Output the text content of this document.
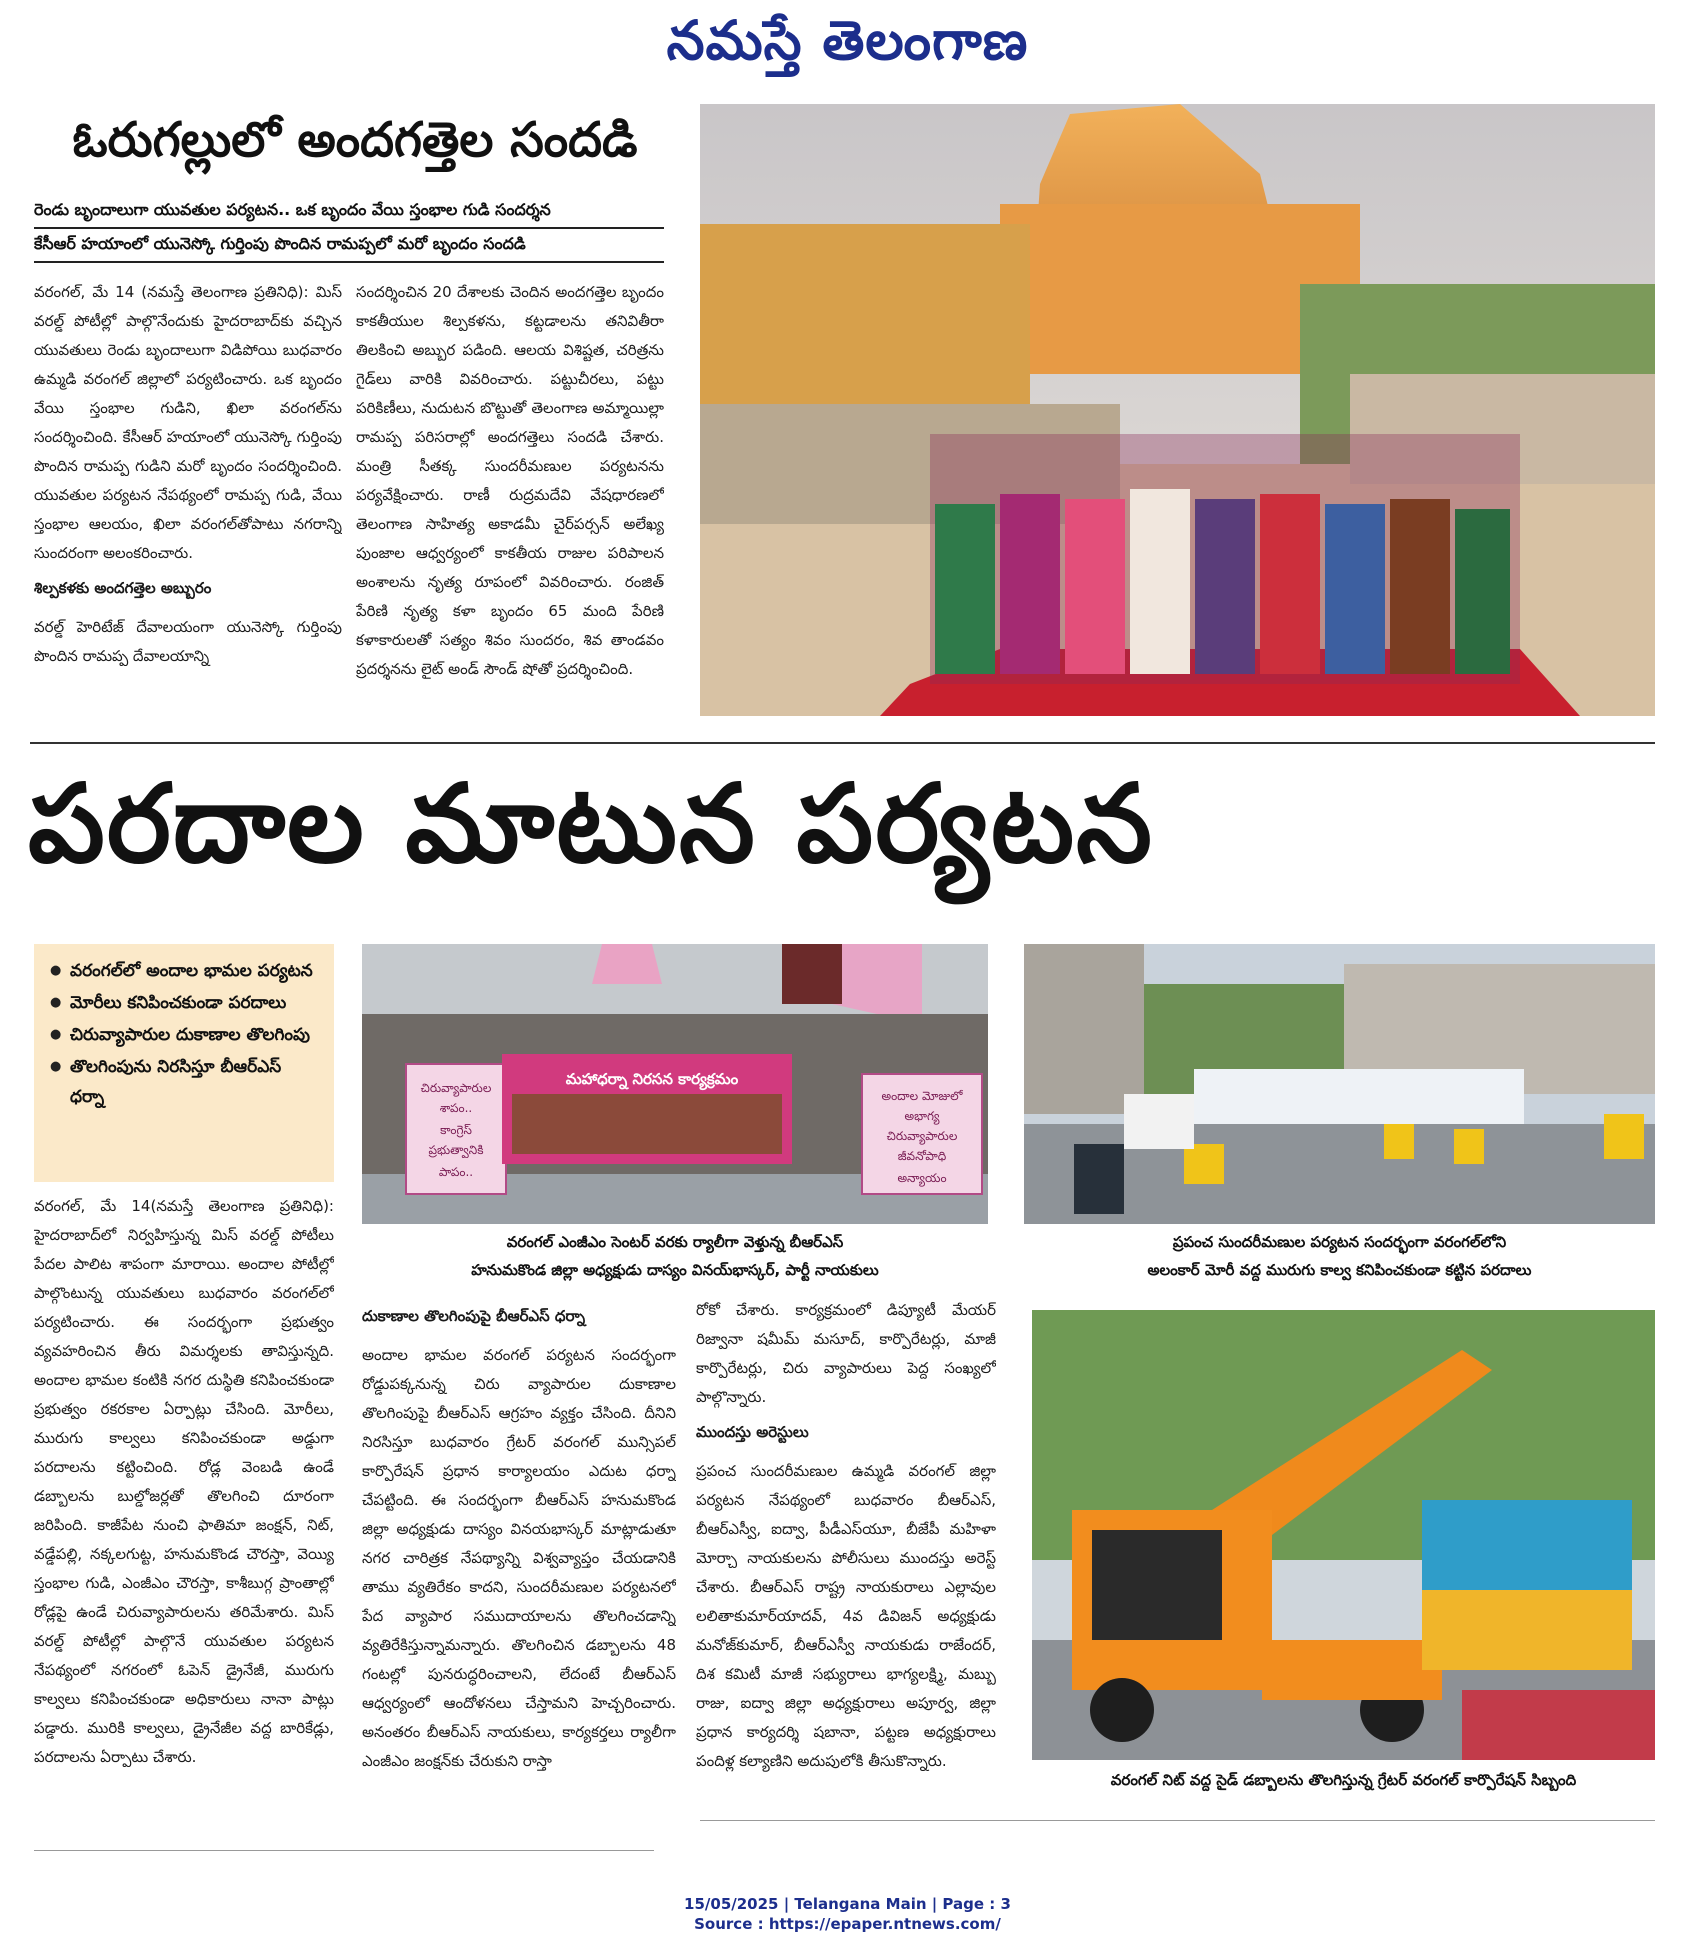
నమస్తే తెలంగాణ
ఓరుగల్లులో అందగత్తెల సందడి
రెండు బృందాలుగా యువతుల పర్యటన.. ఒక బృందం వేయి స్తంభాల గుడి సందర్శన
కేసీఆర్ హయాంలో యునెస్కో గుర్తింపు పొందిన రామప్పలో మరో బృందం సందడి

వరంగల్, మే 14 (నమస్తే తెలంగాణ ప్రతినిధి): మిస్ వరల్డ్ పోటీల్లో పాల్గొనేందుకు హైదరాబాద్‌కు వచ్చిన యువతులు రెండు బృందాలుగా విడిపోయి బుధవారం ఉమ్మడి వరంగల్ జిల్లాలో పర్యటించారు. ఒక బృందం వేయి స్తంభాల గుడిని, ఖిలా వరంగల్‌ను సందర్శించింది. కేసీఆర్ హయాంలో యునెస్కో గుర్తింపు పొందిన రామప్ప గుడిని మరో బృందం సందర్శించింది. యువతుల పర్యటన నేపథ్యంలో రామప్ప గుడి, వేయి స్తంభాల ఆలయం, ఖిలా వరంగల్‌తోపాటు నగరాన్ని సుందరంగా అలంకరించారు.

శిల్పకళకు అందగత్తెల అబ్బురం

వరల్డ్ హెరిటేజ్ దేవాలయంగా యునెస్కో గుర్తింపు పొందిన రామప్ప దేవాలయాన్ని

సందర్శించిన 20 దేశాలకు చెందిన అందగత్తెల బృందం కాకతీయుల శిల్పకళను, కట్టడాలను తనివితీరా తిలకించి అబ్బుర పడింది. ఆలయ విశిష్టత, చరిత్రను గైడ్‌లు వారికి వివరించారు. పట్టుచీరలు, పట్టు పరికిణీలు, నుదుటన బొట్టుతో తెలంగాణ అమ్మాయిల్లా రామప్ప పరిసరాల్లో అందగత్తెలు సందడి చేశారు. మంత్రి సీతక్క సుందరీమణుల పర్యటనను పర్యవేక్షించారు. రాణీ రుద్రమదేవి వేషధారణలో తెలంగాణ సాహిత్య అకాడమీ చైర్‌పర్సన్ అలేఖ్య పుంజాల ఆధ్వర్యంలో కాకతీయ రాజుల పరిపాలన అంశాలను నృత్య రూపంలో వివరించారు. రంజిత్ పేరిణి నృత్య కళా బృందం 65 మంది పేరిణి కళాకారులతో సత్యం శివం సుందరం, శివ తాండవం ప్రదర్శనను లైట్ అండ్ సౌండ్ షోతో ప్రదర్శించింది.

పరదాల మాటున పర్యటన
● వరంగల్‌లో అందాల భామల పర్యటన
● మోరీలు కనిపించకుండా పరదాలు
● చిరువ్యాపారుల దుకాణాల తొలగింపు
● తొలగింపును నిరసిస్తూ బీఆర్‌ఎస్ ధర్నా

వరంగల్, మే 14(నమస్తే తెలంగాణ ప్రతినిధి): హైదరాబాద్‌లో నిర్వహిస్తున్న మిస్ వరల్డ్ పోటీలు పేదల పాలిట శాపంగా మారాయి. అందాల పోటీల్లో పాల్గొంటున్న యువతులు బుధవారం వరంగల్‌లో పర్యటించారు. ఈ సందర్భంగా ప్రభుత్వం వ్యవహరించిన తీరు విమర్శలకు తావిస్తున్నది. అందాల భామల కంటికి నగర దుస్థితి కనిపించకుండా ప్రభుత్వం రకరకాల ఏర్పాట్లు చేసింది. మోరీలు, మురుగు కాల్వలు కనిపించకుండా అడ్డుగా పరదాలను కట్టించింది. రోడ్ల వెంబడి ఉండే డబ్బాలను బుల్డోజర్లతో తొలగించి దూరంగా జరిపింది. కాజీపేట నుంచి ఫాతిమా జంక్షన్, నిట్, వడ్డేపల్లి, నక్కలగుట్ట, హనుమకొండ చౌరస్తా, వెయ్యి స్తంభాల గుడి, ఎంజీఎం చౌరస్తా, కాశీబుగ్గ ప్రాంతాల్లో రోడ్లపై ఉండే చిరువ్యాపారులను తరిమేశారు. మిస్ వరల్డ్ పోటీల్లో పాల్గొనే యువతుల పర్యటన నేపథ్యంలో నగరంలో ఓపెన్ డ్రైనేజీ, మురుగు కాల్వలు కనిపించకుండా అధికారులు నానా పాట్లు పడ్డారు. మురికి కాల్వలు, డ్రైనేజీల వద్ద బారికేడ్లు, పరదాలను ఏర్పాటు చేశారు.

చిరువ్యాపారుల
శాపం..
కాంగ్రెస్
ప్రభుత్వానికి
పాపం..
మహాధర్నా నిరసన కార్యక్రమం
అందాల మోజులో
అభాగ్య
చిరువ్యాపారుల
జీవనోపాధి
అన్యాయం
వరంగల్ ఎంజీఎం సెంటర్ వరకు ర్యాలీగా వెళ్తున్న బీఆర్‌ఎస్
హనుమకొండ జిల్లా అధ్యక్షుడు దాస్యం వినయ్‌భాస్కర్, పార్టీ నాయకులు
ప్రపంచ సుందరీమణుల పర్యటన సందర్భంగా వరంగల్‌లోని
అలంకార్ మోరీ వద్ద మురుగు కాల్వ కనిపించకుండా కట్టిన పరదాలు
దుకాణాల తొలగింపుపై బీఆర్‌ఎస్ ధర్నా

అందాల భామల వరంగల్ పర్యటన సందర్భంగా రోడ్డుపక్కనున్న చిరు వ్యాపారుల దుకాణాల తొలగింపుపై బీఆర్‌ఎస్ ఆగ్రహం వ్యక్తం చేసింది. దీనిని నిరసిస్తూ బుధవారం గ్రేటర్ వరంగల్ మున్సిపల్ కార్పొరేషన్ ప్రధాన కార్యాలయం ఎదుట ధర్నా చేపట్టింది. ఈ సందర్భంగా బీఆర్‌ఎస్ హనుమకొండ జిల్లా అధ్యక్షుడు దాస్యం వినయభాస్కర్ మాట్లాడుతూ నగర చారిత్రక నేపథ్యాన్ని విశ్వవ్యాప్తం చేయడానికి తాము వ్యతిరేకం కాదని, సుందరీమణుల పర్యటనలో పేద వ్యాపార సముదాయాలను తొలగించడాన్ని వ్యతిరేకిస్తున్నామన్నారు. తొలగించిన డబ్బాలను 48 గంటల్లో పునరుద్ధరించాలని, లేదంటే బీఆర్‌ఎస్ ఆధ్వర్యంలో ఆందోళనలు చేస్తామని హెచ్చరించారు. అనంతరం బీఆర్‌ఎస్ నాయకులు, కార్యకర్తలు ర్యాలీగా ఎంజీఎం జంక్షన్‌కు చేరుకుని రాస్తా

రోకో చేశారు. కార్యక్రమంలో డిప్యూటీ మేయర్ రిజ్వానా షమీమ్ మసూద్, కార్పొరేటర్లు, మాజీ కార్పొరేటర్లు, చిరు వ్యాపారులు పెద్ద సంఖ్యలో పాల్గొన్నారు.

ముందస్తు అరెస్టులు

ప్రపంచ సుందరీమణుల ఉమ్మడి వరంగల్ జిల్లా పర్యటన నేపథ్యంలో బుధవారం బీఆర్‌ఎస్, బీఆర్‌ఎస్వీ, ఐద్వా, పీడీఎస్‌యూ, బీజేపీ మహిళా మోర్చా నాయకులను పోలీసులు ముందస్తు అరెస్ట్ చేశారు. బీఆర్‌ఎస్ రాష్ట్ర నాయకురాలు ఎల్లావుల లలితాకుమార్‌యాదవ్, 4వ డివిజన్ అధ్యక్షుడు మనోజ్‌కుమార్, బీఆర్‌ఎస్వీ నాయకుడు రాజేందర్, దిశ కమిటీ మాజీ సభ్యురాలు భాగ్యలక్ష్మి, మబ్బు రాజు, ఐద్వా జిల్లా అధ్యక్షురాలు అపూర్వ, జిల్లా ప్రధాన కార్యదర్శి షబానా, పట్టణ అధ్యక్షురాలు పందిళ్ల కల్యాణిని అదుపులోకి తీసుకొన్నారు.

వరంగల్ నిట్ వద్ద సైడ్ డబ్బాలను తొలగిస్తున్న గ్రేటర్ వరంగల్ కార్పొరేషన్ సిబ్బంది
15/05/2025 | Telangana Main | Page : 3
Source : https://epaper.ntnews.com/
